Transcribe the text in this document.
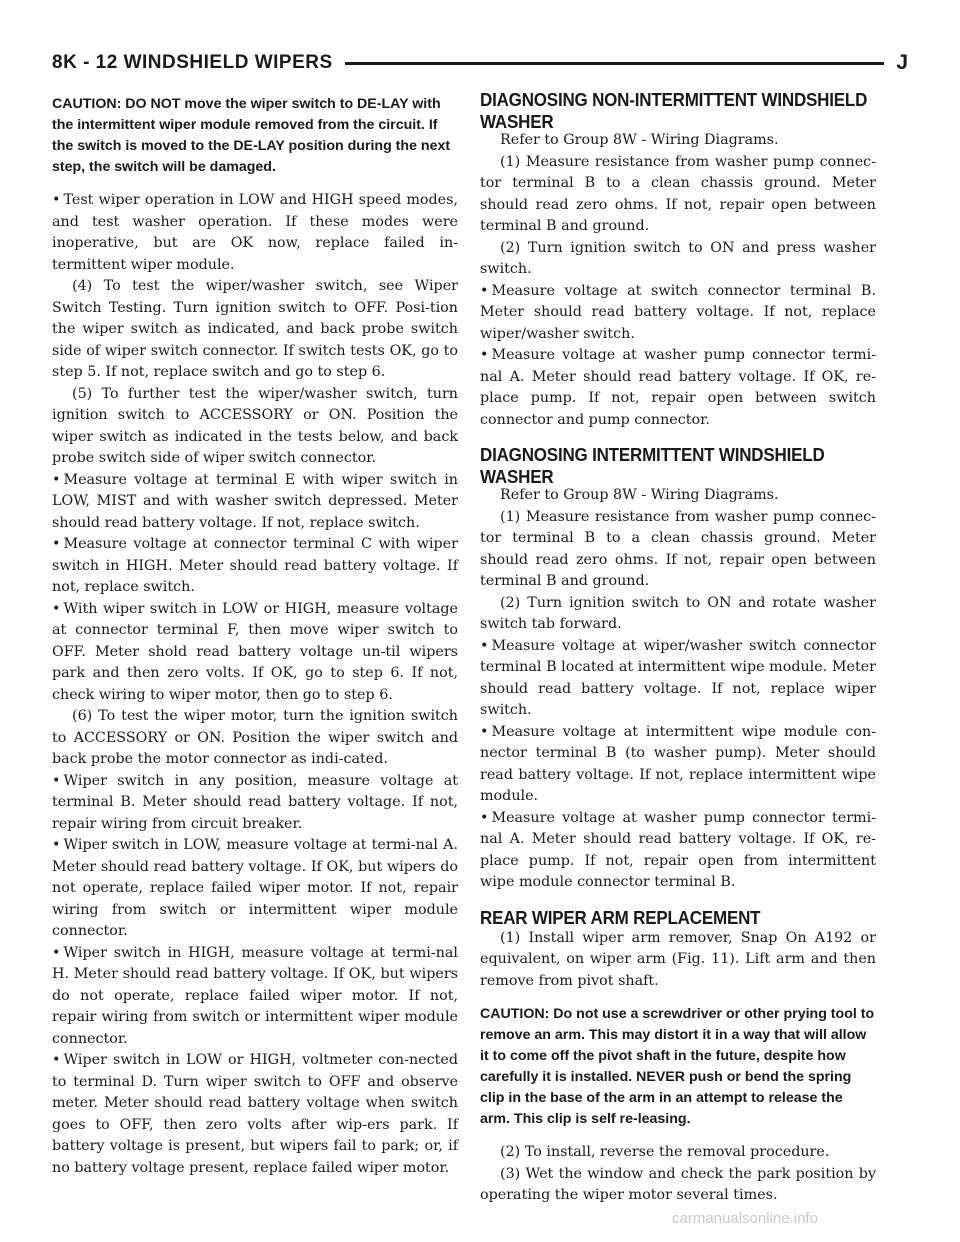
8K - 12 WINDSHIELD WIPERS	J

CAUTION: DO NOT move the wiper switch to DE-LAY with the intermittent wiper module removed from the circuit. If the switch is moved to the DE-LAY position during the next step, the switch will be damaged.

• Test wiper operation in LOW and HIGH speed modes, and test washer operation. If these modes were inoperative, but are OK now, replace failed in-termittent wiper module.

(4) To test the wiper/washer switch, see Wiper Switch Testing. Turn ignition switch to OFF. Posi-tion the wiper switch as indicated, and back probe switch side of wiper switch connector. If switch tests OK, go to step 5. If not, replace switch and go to step 6.

(5) To further test the wiper/washer switch, turn ignition switch to ACCESSORY or ON. Position the wiper switch as indicated in the tests below, and back probe switch side of wiper switch connector.

• Measure voltage at terminal E with wiper switch in LOW, MIST and with washer switch depressed. Meter should read battery voltage. If not, replace switch.

• Measure voltage at connector terminal C with wiper switch in HIGH. Meter should read battery voltage. If not, replace switch.

• With wiper switch in LOW or HIGH, measure voltage at connector terminal F, then move wiper switch to OFF. Meter shold read battery voltage un-til wipers park and then zero volts. If OK, go to step 6. If not, check wiring to wiper motor, then go to step 6.

(6) To test the wiper motor, turn the ignition switch to ACCESSORY or ON. Position the wiper switch and back probe the motor connector as indi-cated.

• Wiper switch in any position, measure voltage at terminal B. Meter should read battery voltage. If not, repair wiring from circuit breaker.

• Wiper switch in LOW, measure voltage at termi-nal A. Meter should read battery voltage. If OK, but wipers do not operate, replace failed wiper motor. If not, repair wiring from switch or intermittent wiper module connector.

• Wiper switch in HIGH, measure voltage at termi-nal H. Meter should read battery voltage. If OK, but wipers do not operate, replace failed wiper motor. If not, repair wiring from switch or intermittent wiper module connector.

• Wiper switch in LOW or HIGH, voltmeter con-nected to terminal D. Turn wiper switch to OFF and observe meter. Meter should read battery voltage when switch goes to OFF, then zero volts after wip-ers park. If battery voltage is present, but wipers fail to park; or, if no battery voltage present, replace failed wiper motor.

DIAGNOSING NON-INTERMITTENT WINDSHIELD WASHER

Refer to Group 8W - Wiring Diagrams.

(1) Measure resistance from washer pump connec-tor terminal B to a clean chassis ground. Meter should read zero ohms. If not, repair open between terminal B and ground.

(2) Turn ignition switch to ON and press washer switch.

• Measure voltage at switch connector terminal B. Meter should read battery voltage. If not, replace wiper/washer switch.

• Measure voltage at washer pump connector termi-nal A. Meter should read battery voltage. If OK, re-place pump. If not, repair open between switch connector and pump connector.

DIAGNOSING INTERMITTENT WINDSHIELD WASHER

Refer to Group 8W - Wiring Diagrams.

(1) Measure resistance from washer pump connec-tor terminal B to a clean chassis ground. Meter should read zero ohms. If not, repair open between terminal B and ground.

(2) Turn ignition switch to ON and rotate washer switch tab forward.

• Measure voltage at wiper/washer switch connector terminal B located at intermittent wipe module. Meter should read battery voltage. If not, replace wiper switch.

• Measure voltage at intermittent wipe module con-nector terminal B (to washer pump). Meter should read battery voltage. If not, replace intermittent wipe module.

• Measure voltage at washer pump connector termi-nal A. Meter should read battery voltage. If OK, re-place pump. If not, repair open from intermittent wipe module connector terminal B.

REAR WIPER ARM REPLACEMENT

(1) Install wiper arm remover, Snap On A192 or equivalent, on wiper arm (Fig. 11). Lift arm and then remove from pivot shaft.

CAUTION: Do not use a screwdriver or other prying tool to remove an arm. This may distort it in a way that will allow it to come off the pivot shaft in the future, despite how carefully it is installed. NEVER push or bend the spring clip in the base of the arm in an attempt to release the arm. This clip is self re-leasing.

(2) To install, reverse the removal procedure.

(3) Wet the window and check the park position by operating the wiper motor several times.

carmanualsonline.info
